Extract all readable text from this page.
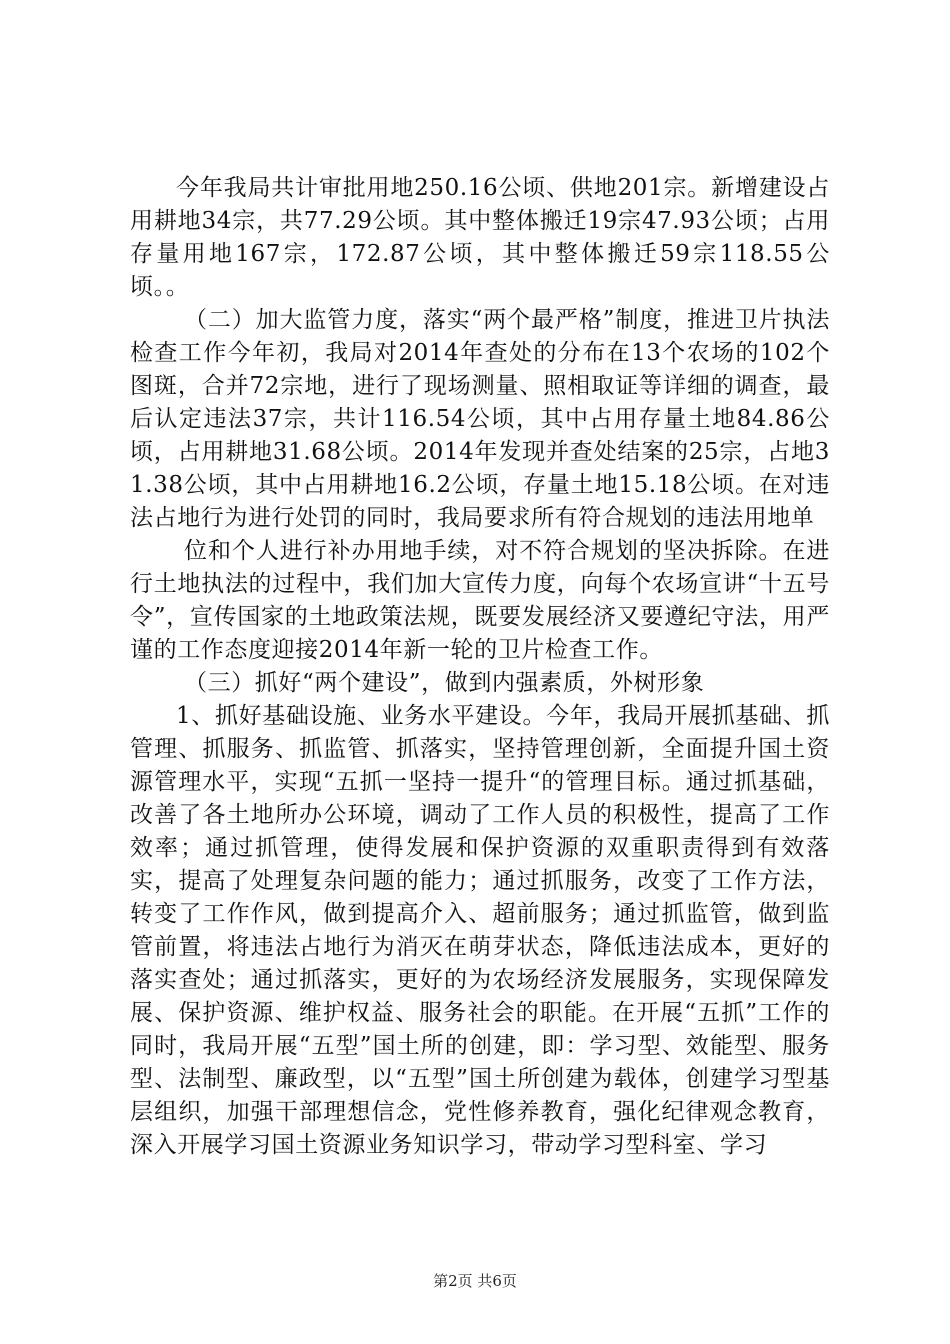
今年我局共计审批用地250.16公顷、供地201宗。新增建设占用耕地34宗，共77.29公顷。其中整体搬迁19宗47.93公顷；占用存量用地167宗，172.87公顷，其中整体搬迁59宗118.55公顷。。

（二）加大监管力度，落实“两个最严格”制度，推进卫片执法检查工作今年初，我局对2014年查处的分布在13个农场的102个图斑，合并72宗地，进行了现场测量、照相取证等详细的调查，最后认定违法37宗，共计116.54公顷，其中占用存量土地84.86公顷，占用耕地31.68公顷。2014年发现并查处结案的25宗，占地31.38公顷，其中占用耕地16.2公顷，存量土地15.18公顷。在对违法占地行为进行处罚的同时，我局要求所有符合规划的违法用地单

位和个人进行补办用地手续，对不符合规划的坚决拆除。在进行土地执法的过程中，我们加大宣传力度，向每个农场宣讲“十五号令”，宣传国家的土地政策法规，既要发展经济又要遵纪守法，用严谨的工作态度迎接2014年新一轮的卫片检查工作。

（三）抓好“两个建设”，做到内强素质，外树形象

1、抓好基础设施、业务水平建设。今年，我局开展抓基础、抓管理、抓服务、抓监管、抓落实，坚持管理创新，全面提升国土资源管理水平，实现“五抓一坚持一提升“的管理目标。通过抓基础，改善了各土地所办公环境，调动了工作人员的积极性，提高了工作效率；通过抓管理，使得发展和保护资源的双重职责得到有效落实，提高了处理复杂问题的能力；通过抓服务，改变了工作方法，转变了工作作风，做到提高介入、超前服务；通过抓监管，做到监管前置，将违法占地行为消灭在萌芽状态，降低违法成本，更好的落实查处；通过抓落实，更好的为农场经济发展服务，实现保障发展、保护资源、维护权益、服务社会的职能。在开展“五抓”工作的同时，我局开展“五型”国土所的创建，即：学习型、效能型、服务型、法制型、廉政型，以“五型”国土所创建为载体，创建学习型基层组织，加强干部理想信念，党性修养教育，强化纪律观念教育，深入开展学习国土资源业务知识学习，带动学习型科室、学习

第2页 共6页
